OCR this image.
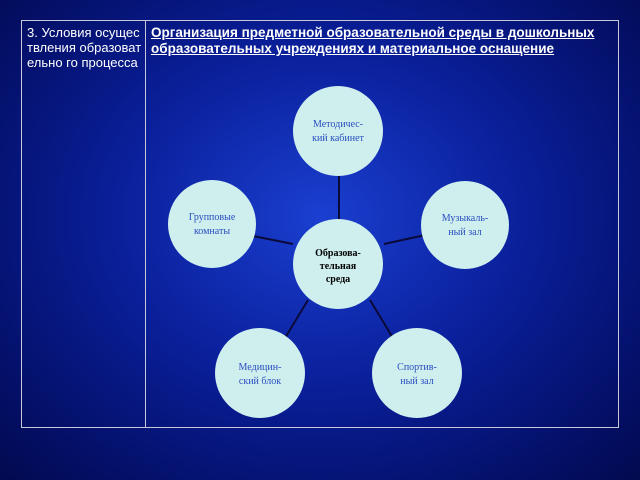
3. Условия осуществления образовательно го процесса
Организация предметной образовательной среды в дошкольных образовательных учреждениях и материальное оснащение
Методичес-
кий кабинет
Музыкаль-
ный зал
Спортив-
ный зал
Медицин-
ский блок
Групповые
комнаты
Образова-
тельная
среда
